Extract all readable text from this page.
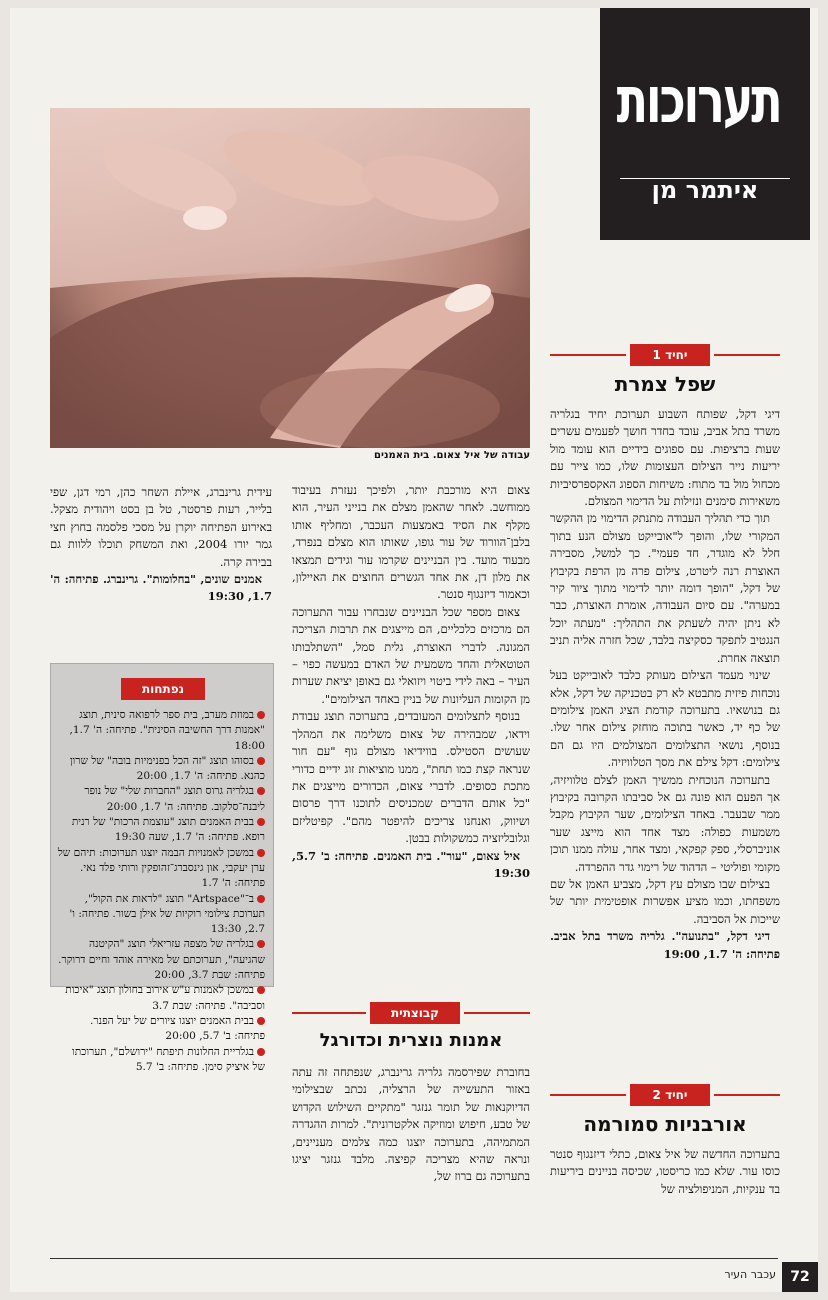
תערוכות
איתמר מן
עבודה של איל צאום. בית האמנים
יחיד 1
שפל צמרת

דיגי דקל, שפותח השבוע תערוכת יחיד בגלריה משרד בתל אביב, עובד בחדר חושך לפעמים עשרים שעות ברציפות. עם ספוגים בידיים הוא עומד מול יריעות נייר הצילום העצומות שלו, כמו צייר עם מכחול מול בד מתוח: משיחות הספוג האקספרסיביות משאירות סימנים ונזילות על הדימוי המצולם.

תוך כדי תהליך העבודה מתנתק הדימוי מן ההקשר המקורי שלו, והופך ל"אובייקט מצולם הנע בתוך חלל לא מוגדר, חד פעמי". כך למשל, מסבירה האוצרת רנה ליטרט, צילום פרה מן הרפת בקיבוץ של דקל, "הופך דומה יותר לדימוי מתוך ציור קיר במערה". עם סיום העבודה, אומרת האוצרת, כבר לא ניתן יהיה לשעתק את התהליך: "מעתה יוכל הנגטיב לתפקד כסקיצה בלבד, שכל חזרה אליה תניב תוצאה אחרת.

שינוי מעמד הצילום מעותק כלבד לאובייקט בעל נוכחות פיזית מתבטא לא רק בטכניקה של דקל, אלא גם בנושאיו. בתערוכה קודמת הציג האמן צילומים של כף יד, כאשר בתוכה מוחזק צילום אחר שלו. בנוסף, נושאי התצלומים המצולמים היו גם הם צילומים: דקל צילם את מסך הטלוויזיה.

בתערוכה הנוכחית ממשיך האמן לצלם טלוויזיה, אך הפעם הוא פונה גם אל סביבתו הקרובה בקיבוץ ממר שבעבר. באחד הצילומים, שער הקיבוץ מקבל משמעות כפולה: מצד אחד הוא מייצג שער אוניברסלי, ספק קפקאי, ומצד אחר, עולה ממנו תוכן מקומי ופוליטי – הדהוד של רימוי גדר ההפרדה.

בצילום שבו מצולם עץ דקל, מצביע האמן אל שם משפחתו, וכמו מציע אפשרות אופטימית יותר של שייכות אל הסביבה.

דיגי דקל, "בתנועה". גלריה משרד בתל אביב. פתיחה: ה' 1.7, 19:00

יחיד 2
אורבניות סמורמה

בתערוכה החדשה של איל צאום, כתלי דיזנגוף סנטר כוסו עור. שלא כמו כריסטו, שכיסה בניינים ביריעות בד ענקיות, המניפולציה של

צאום היא מורכבת יותר, ולפיכך נעזרת בעיבוד ממוחשב. לאחר שהאמן מצלם את בנייני העיר, הוא מקלף את הסיד באמצעות העכבר, ומחליף אותו בלבן־הוורוד של עור גופו, שאותו הוא מצלם בנפרד, מבעוד מועד. בין הבניינים שקרמו עור וגידים תמצאו את מלון דן, את אחד הגשרים החוצים את האיילון, וכאמור דיזנגוף סנטר.

צאום מספר שכל הבניינים שנבחרו עבור התערוכה הם מרכזים כלכליים, הם מייצגים את תרבות הצריכה המגונה. לדברי האוצרת, גלית סמל, "השתלבותו הטוטאלית והחד משמעית של האדם במעשה כפוי – העיר – באה לידי ביטוי ויזואלי גם באופן יציאת שערות מן הקומות העליונות של בניין באחד הצילומים".

בנוסף לתצלומים המעובדים, בתערוכה תוצג עבודת וידאו, שמבהירה של צאום משלימה את המהלך שעושים הסטילס. בווידיאו מצולם גוף "עם חור שנראה קצת כמו תחת", ממנו מוציאות זוג ידיים כדורי מתכת כסופים. לדברי צאום, הכדורים מייצגים את "כל אותם הדברים שמכניסים לתוכנו דרך פרסום ושיווק, ואנחנו צריכים להיפטר מהם". קפיטליזם וגלובליזציה כמשקולות בבטן.

איל צאום, "עור". בית האמנים. פתיחה: ב' 5.7, 19:30

קבוצתית
אמנות נוצרית וכדורגל

בחוברת שפירסמה גלריה גרינברג, שנפתחה זה עתה באזור התעשייה של הרצליה, נכתב שבצילומי הדיוקנאות של תומר גנזגר "מתקיים השילוש הקדוש של טבע, חיפוש ומוזיקה אלקטרונית". למרות ההגדרה המתמיהה, בתערוכה יוצגו כמה צלמים מעניינים, ונראה שהיא מצריכה קפיצה. מלבד גנזגר יציגו בתערוכה גם ברוז של,

עידית גרינברג, איילת השחר כהן, רמי דגן, שפי בלייר, רעות פרסטר, טל בן בסט ויהודית מצקל. באירוע הפתיחה יוקרן על מסכי פלסמה בחוץ חצי גמר יורו 2004, ואת המשחק תוכלו ללוות גם בבירה קרה.

אמנים שונים, "בחלומות". גרינברג. פתיחה: ה' 1.7, 19:30

נפתחות
במוזת מערב, בית ספר לרפואה סינית, תוצג "אמנות דרך החשיבה הסינית". פתיחה: ה' 1.7, 18:00
בסוהו תוצג "זה הכל בפנימיות בובה" של שרון כהנא. פתיחה: ה' 1.7, 20:00
בגלריה גרוס תוצג "החברות שלי" של נופר ליבנה־סלקוב. פתיחה: ה' 1.7, 20:00
בבית האמנים תוצג "עוצמת הרכות" של רנית רופא. פתיחה: ה' 1.7, שעה 19:30
במשכן לאמנויות הבמה יוצגו תערוכות: תיהם של ערן יעקבי, און גינסברג־זהופקין ורותי פלד נאי. פתיחה: ה' 1.7
ב־"Artspace" תוצג "לראות את הקול", תערוכת צילומי רוקיות של אילן בשור. פתיחה: ו' 2.7, 13:30
בגלריה של מצפה עזריאלי תוצג "הקיטנה שהגיעה", תערוכתם של מאירה אוהד וחיים דרוקר. פתיחה: שבת 3.7, 20:00
במשכן לאמנות ע"ש אירוב בחולון תוצג "איכות וסביבה". פתיחה: שבת 3.7
בבית האמנים יוצגו ציורים של יעל הפנר. פתיחה: ב' 5.7, 20:00
בגלריית החלונות תיפתח "ירושלם", תערוכתו של איציק סימן. פתיחה: ב' 5.7
עכבר העיר	72
